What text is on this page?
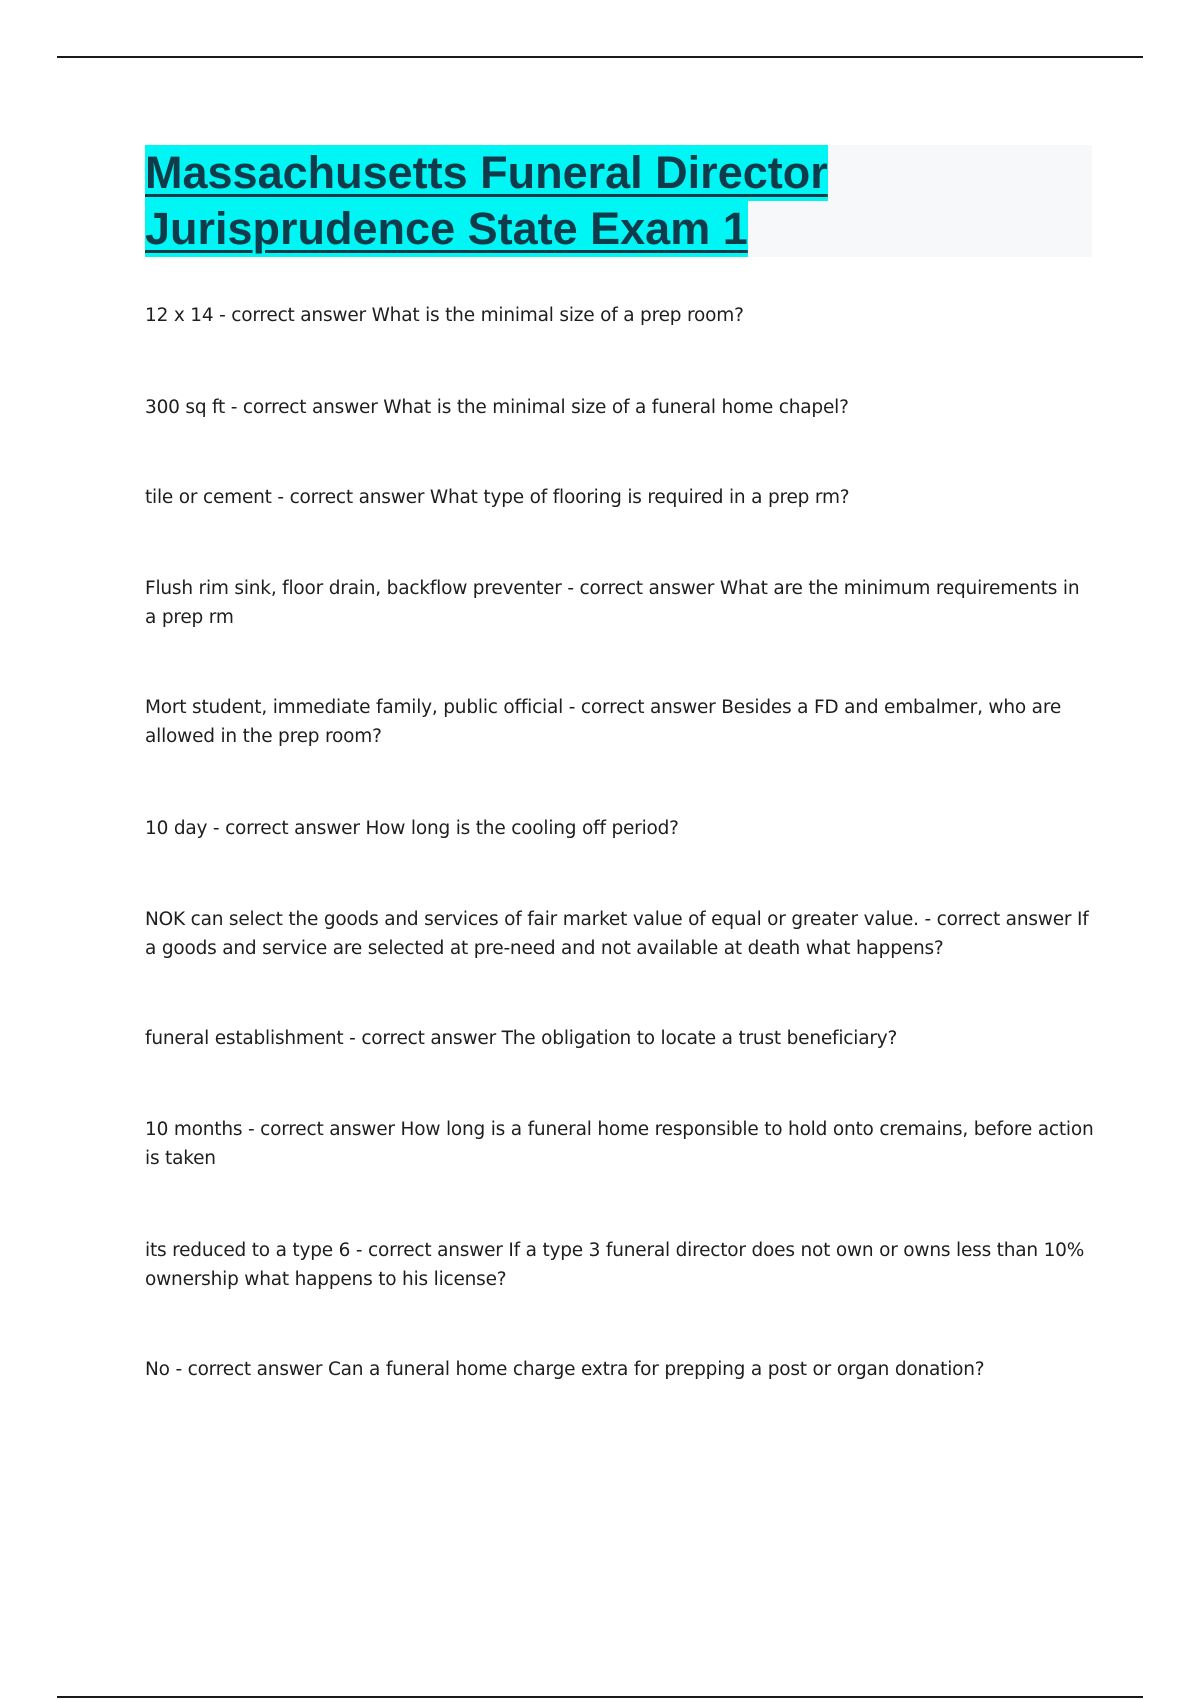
Massachusetts Funeral Director
Jurisprudence State Exam 1

12 x 14 - correct answer What is the minimal size of a prep room?

300 sq ft - correct answer What is the minimal size of a funeral home chapel?

tile or cement - correct answer What type of flooring is required in a prep rm?

Flush rim sink, floor drain, backflow preventer - correct answer What are the minimum requirements in a prep rm

Mort student, immediate family, public official - correct answer Besides a FD and embalmer, who are allowed in the prep room?

10 day - correct answer How long is the cooling off period?

NOK can select the goods and services of fair market value of equal or greater value. - correct answer If a goods and service are selected at pre-need and not available at death what happens?

funeral establishment - correct answer The obligation to locate a trust beneficiary?

10 months - correct answer How long is a funeral home responsible to hold onto cremains, before action is taken

its reduced to a type 6 - correct answer If a type 3 funeral director does not own or owns less than 10% ownership what happens to his license?

No - correct answer Can a funeral home charge extra for prepping a post or organ donation?
